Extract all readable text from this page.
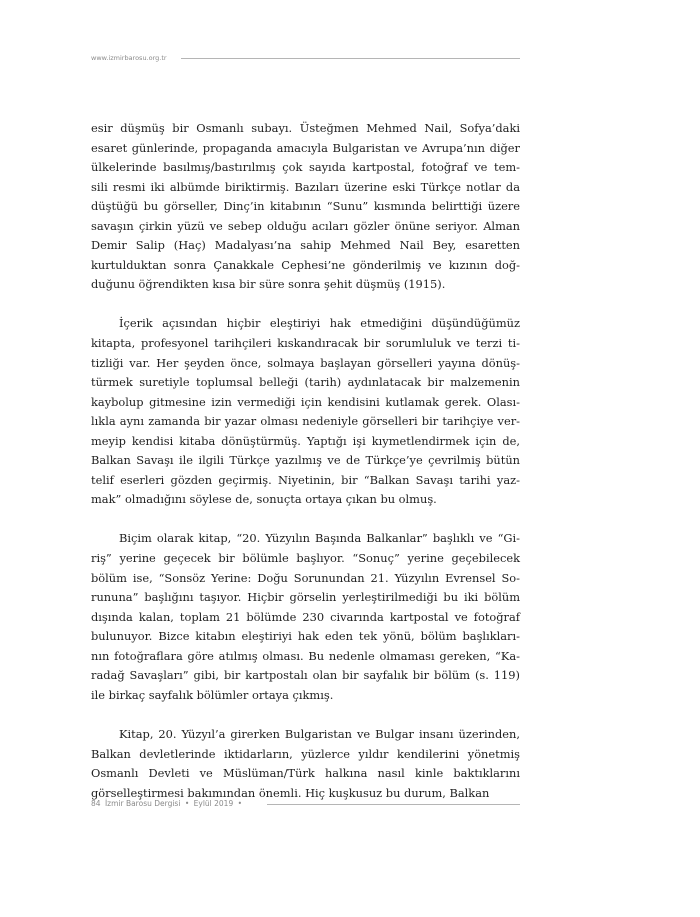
www.izmirbarosu.org.tr
esir düşmüş bir Osmanlı subayı. Üsteğmen Mehmed Nail, Sofya’daki
esaret günlerinde, propaganda amacıyla Bulgaristan ve Avrupa’nın diğer
ülkelerinde basılmış/bastırılmış çok sayıda kartpostal, fotoğraf ve tem-
sili resmi iki albümde biriktirmiş. Bazıları üzerine eski Türkçe notlar da
düştüğü bu görseller, Dinç’in kitabının “Sunu” kısmında belirttiği üzere
savaşın çirkin yüzü ve sebep olduğu acıları gözler önüne seriyor. Alman
Demir Salip (Haç) Madalyası’na sahip Mehmed Nail Bey, esaretten
kurtulduktan sonra Çanakkale Cephesi’ne gönderilmiş ve kızının doğ-
duğunu öğrendikten kısa bir süre sonra şehit düşmüş (1915).
İçerik açısından hiçbir eleştiriyi hak etmediğini düşündüğümüz
kitapta, profesyonel tarihçileri kıskandıracak bir sorumluluk ve terzi ti-
tizliği var. Her şeyden önce, solmaya başlayan görselleri yayına dönüş-
türmek suretiyle toplumsal belleği (tarih) aydınlatacak bir malzemenin
kaybolup gitmesine izin vermediği için kendisini kutlamak gerek. Olası-
lıkla aynı zamanda bir yazar olması nedeniyle görselleri bir tarihçiye ver-
meyip kendisi kitaba dönüştürmüş. Yaptığı işi kıymetlendirmek için de,
Balkan Savaşı ile ilgili Türkçe yazılmış ve de Türkçe’ye çevrilmiş bütün
telif eserleri gözden geçirmiş. Niyetinin, bir “Balkan Savaşı tarihi yaz-
mak” olmadığını söylese de, sonuçta ortaya çıkan bu olmuş.
Biçim olarak kitap, “20. Yüzyılın Başında Balkanlar” başlıklı ve “Gi-
riş” yerine geçecek bir bölümle başlıyor. “Sonuç” yerine geçebilecek
bölüm ise, “Sonsöz Yerine: Doğu Sorunundan 21. Yüzyılın Evrensel So-
rununa” başlığını taşıyor. Hiçbir görselin yerleştirilmediği bu iki bölüm
dışında kalan, toplam 21 bölümde 230 civarında kartpostal ve fotoğraf
bulunuyor. Bizce kitabın eleştiriyi hak eden tek yönü, bölüm başlıkları-
nın fotoğraflara göre atılmış olması. Bu nedenle olmaması gereken, “Ka-
radağ Savaşları” gibi, bir kartpostalı olan bir sayfalık bir bölüm (s. 119)
ile birkaç sayfalık bölümler ortaya çıkmış.
Kitap, 20. Yüzyıl’a girerken Bulgaristan ve Bulgar insanı üzerinden,
Balkan devletlerinde iktidarların, yüzlerce yıldır kendilerini yönetmiş
Osmanlı Devleti ve Müslüman/Türk halkına nasıl kinle baktıklarını
görselleştirmesi bakımından önemli. Hiç kuşkusuz bu durum, Balkan
84 İzmir Barosu Dergisi • Eylül 2019 •
